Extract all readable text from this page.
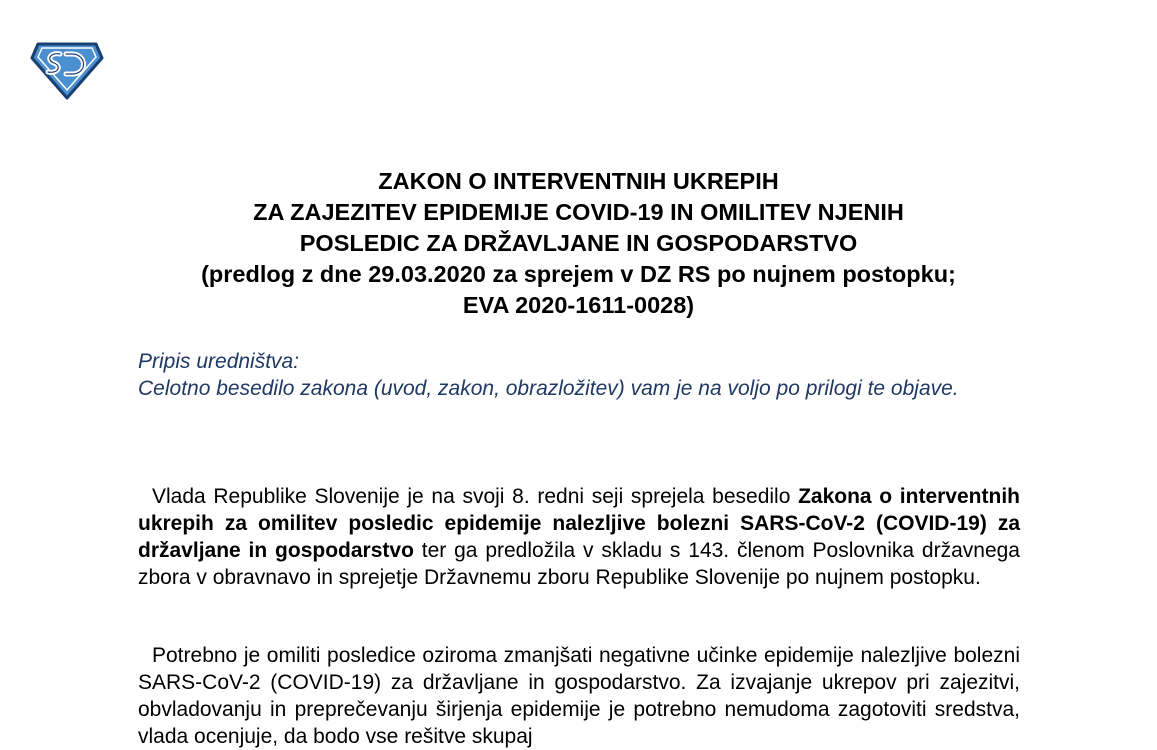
ZAKON O INTERVENTNIH UKREPIH
ZA ZAJEZITEV EPIDEMIJE COVID-19 IN OMILITEV NJENIH
POSLEDIC ZA DRŽAVLJANE IN GOSPODARSTVO
(predlog z dne 29.03.2020 za sprejem v DZ RS po nujnem postopku;
EVA 2020-1611-0028)
Pripis uredništva:
Celotno besedilo zakona (uvod, zakon, obrazložitev) vam je na voljo po prilogi te objave.

Vlada Republike Slovenije je na svoji 8. redni seji sprejela besedilo Zakona o interventnih ukrepih za omilitev posledic epidemije nalezljive bolezni SARS-CoV-2 (COVID-19) za državljane in gospodarstvo ter ga predložila v skladu s 143. členom Poslovnika državnega zbora v obravnavo in sprejetje Državnemu zboru Republike Slovenije po nujnem postopku.

Potrebno je omiliti posledice oziroma zmanjšati negativne učinke epidemije nalezljive bolezni SARS-CoV-2 (COVID-19) za državljane in gospodarstvo. Za izvajanje ukrepov pri zajezitvi, obvladovanju in preprečevanju širjenja epidemije je potrebno nemudoma zagotoviti sredstva, vlada ocenjuje, da bodo vse rešitve skupaj
